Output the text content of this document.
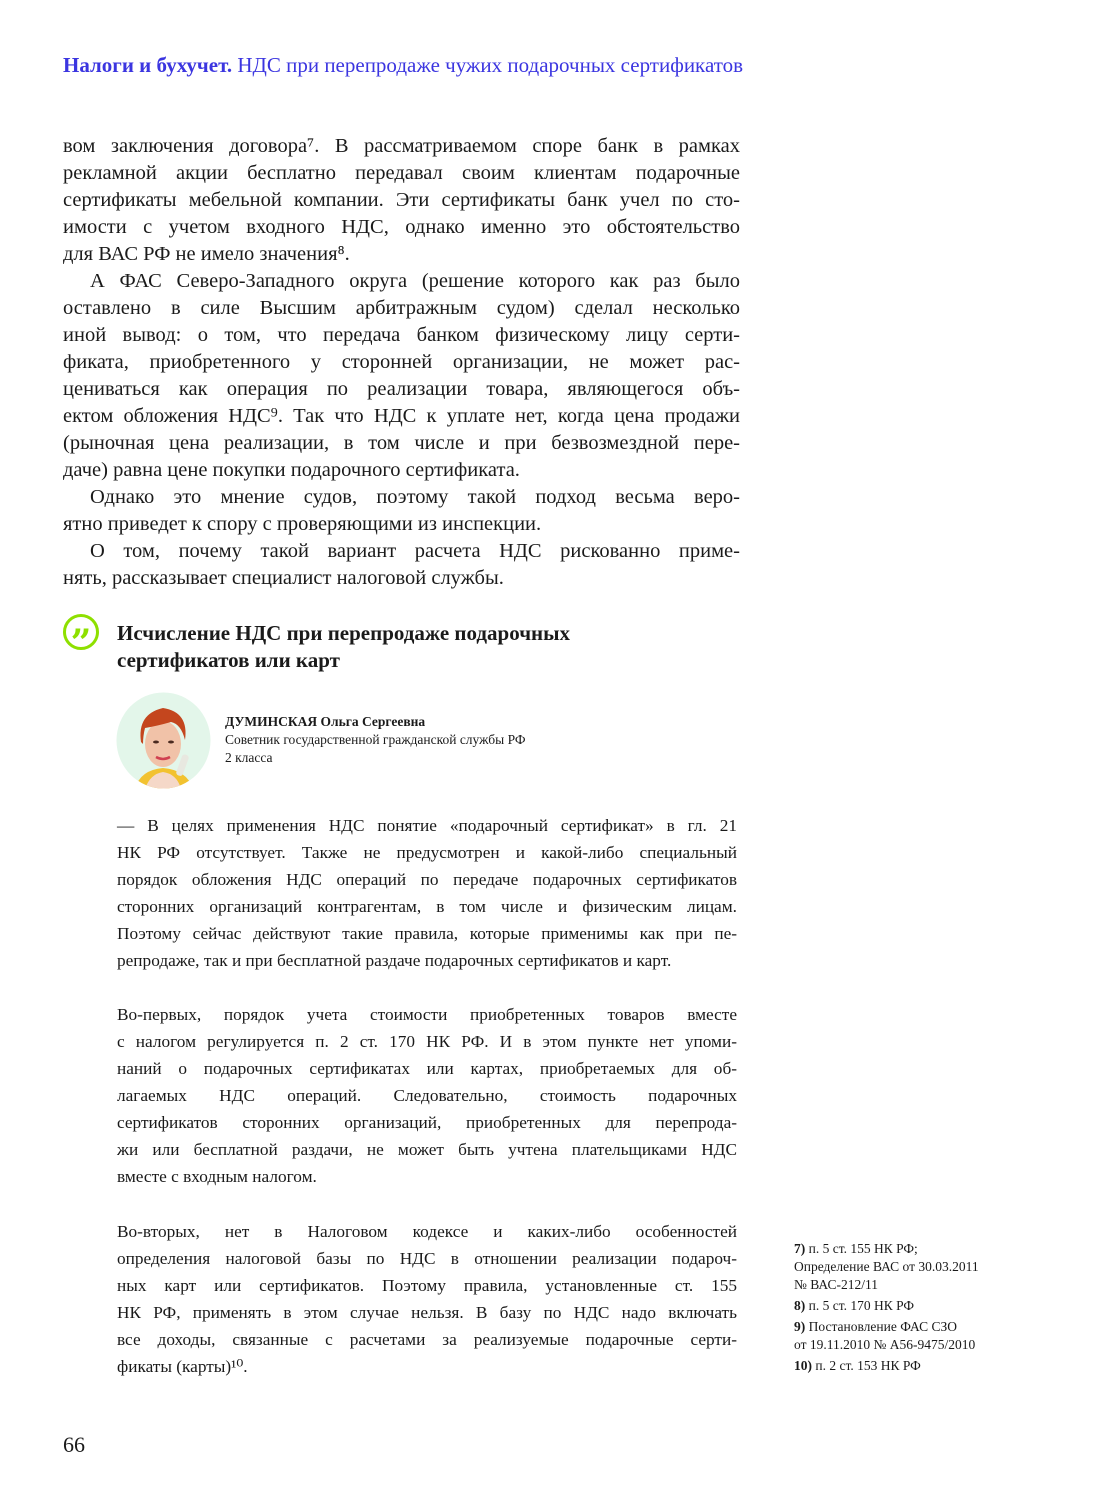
Налоги и бухучет. НДС при перепродаже чужих подарочных сертификатов
вом заключения договора⁷. В рассматриваемом споре банк в рамках
рекламной акции бесплатно передавал своим клиентам подарочные
сертификаты мебельной компании. Эти сертификаты банк учел по сто-
имости с учетом входного НДС, однако именно это обстоятельство
для ВАС РФ не имело значения⁸.
А ФАС Северо-Западного округа (решение которого как раз было
оставлено в силе Высшим арбитражным судом) сделал несколько
иной вывод: о том, что передача банком физическому лицу серти-
фиката, приобретенного у сторонней организации, не может рас-
цениваться как операция по реализации товара, являющегося объ-
ектом обложения НДС⁹. Так что НДС к уплате нет, когда цена продажи
(рыночная цена реализации, в том числе и при безвозмездной пере-
даче) равна цене покупки подарочного сертификата.
Однако это мнение судов, поэтому такой подход весьма веро-
ятно приведет к спору с проверяющими из инспекции.
О том, почему такой вариант расчета НДС рискованно приме-
нять, рассказывает специалист налоговой службы.
”	Исчисление НДС при перепродаже подарочных
сертификатов или карт
ДУМИНСКАЯ Ольга Сергеевна
Советник государственной гражданской службы РФ
2 класса
— В целях применения НДС понятие «подарочный сертификат» в гл. 21
НК РФ отсутствует. Также не предусмотрен и какой-либо специальный
порядок обложения НДС операций по передаче подарочных сертификатов
сторонних организаций контрагентам, в том числе и физическим лицам.
Поэтому сейчас действуют такие правила, которые применимы как при пе-
репродаже, так и при бесплатной раздаче подарочных сертификатов и карт.
Во-первых, порядок учета стоимости приобретенных товаров вместе
с налогом регулируется п. 2 ст. 170 НК РФ. И в этом пункте нет упоми-
наний о подарочных сертификатах или картах, приобретаемых для об-
лагаемых НДС операций. Следовательно, стоимость подарочных
сертификатов сторонних организаций, приобретенных для перепрода-
жи или бесплатной раздачи, не может быть учтена плательщиками НДС
вместе с входным налогом.
Во-вторых, нет в Налоговом кодексе и каких-либо особенностей
определения налоговой базы по НДС в отношении реализации подароч-
ных карт или сертификатов. Поэтому правила, установленные ст. 155
НК РФ, применять в этом случае нельзя. В базу по НДС надо включать
все доходы, связанные с расчетами за реализуемые подарочные серти-
фикаты (карты)¹⁰.
7) п. 5 ст. 155 НК РФ;
Определение ВАС от 30.03.2011
№ ВАС-212/11
8) п. 5 ст. 170 НК РФ
9) Постановление ФАС СЗО
от 19.11.2010 № А56-9475/2010
10) п. 2 ст. 153 НК РФ
66
